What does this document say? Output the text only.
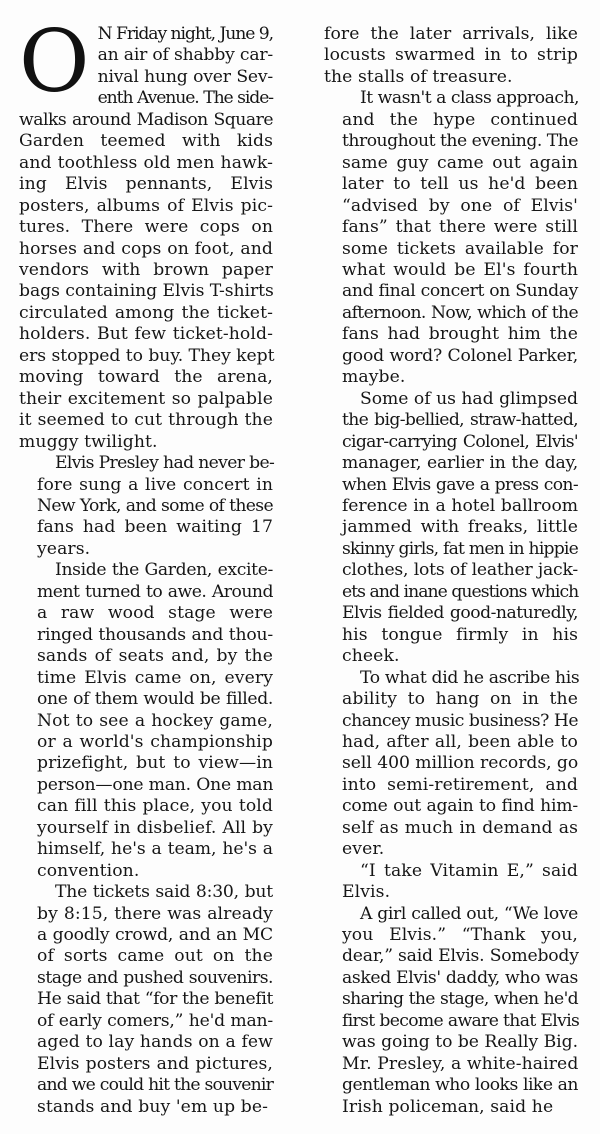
O N Friday night, June 9,
an air of shabby car-
nival hung over Sev-
enth Avenue. The side-
walks around Madison Square
Garden teemed with kids
and toothless old men hawk-
ing Elvis pennants, Elvis
posters, albums of Elvis pic-
tures. There were cops on
horses and cops on foot, and
vendors with brown paper
bags containing Elvis T-shirts
circulated among the ticket-
holders. But few ticket-hold-
ers stopped to buy. They kept
moving toward the arena,
their excitement so palpable
it seemed to cut through the
muggy twilight.

Elvis Presley had never be-
fore sung a live concert in
New York, and some of these
fans had been waiting 17
years.

Inside the Garden, excite-
ment turned to awe. Around
a raw wood stage were
ringed thousands and thou-
sands of seats and, by the
time Elvis came on, every
one of them would be filled.
Not to see a hockey game,
or a world's championship
prizefight, but to view—in
person—one man. One man
can fill this place, you told
yourself in disbelief. All by
himself, he's a team, he's a
convention.

The tickets said 8:30, but
by 8:15, there was already
a goodly crowd, and an MC
of sorts came out on the
stage and pushed souvenirs.
He said that “for the benefit
of early comers,” he'd man-
aged to lay hands on a few
Elvis posters and pictures,
and we could hit the souvenir
stands and buy 'em up be-

fore the later arrivals, like
locusts swarmed in to strip
the stalls of treasure.

It wasn't a class approach,
and the hype continued
throughout the evening. The
same guy came out again
later to tell us he'd been
“advised by one of Elvis'
fans” that there were still
some tickets available for
what would be El's fourth
and final concert on Sunday
afternoon. Now, which of the
fans had brought him the
good word? Colonel Parker,
maybe.

Some of us had glimpsed
the big-bellied, straw-hatted,
cigar-carrying Colonel, Elvis'
manager, earlier in the day,
when Elvis gave a press con-
ference in a hotel ballroom
jammed with freaks, little
skinny girls, fat men in hippie
clothes, lots of leather jack-
ets and inane questions which
Elvis fielded good-naturedly,
his tongue firmly in his
cheek.

To what did he ascribe his
ability to hang on in the
chancey music business? He
had, after all, been able to
sell 400 million records, go
into semi-retirement, and
come out again to find him-
self as much in demand as
ever.

“I take Vitamin E,” said
Elvis.

A girl called out, “We love
you Elvis.” “Thank you,
dear,” said Elvis. Somebody
asked Elvis' daddy, who was
sharing the stage, when he'd
first become aware that Elvis
was going to be Really Big.
Mr. Presley, a white-haired
gentleman who looks like an
Irish policeman, said he
